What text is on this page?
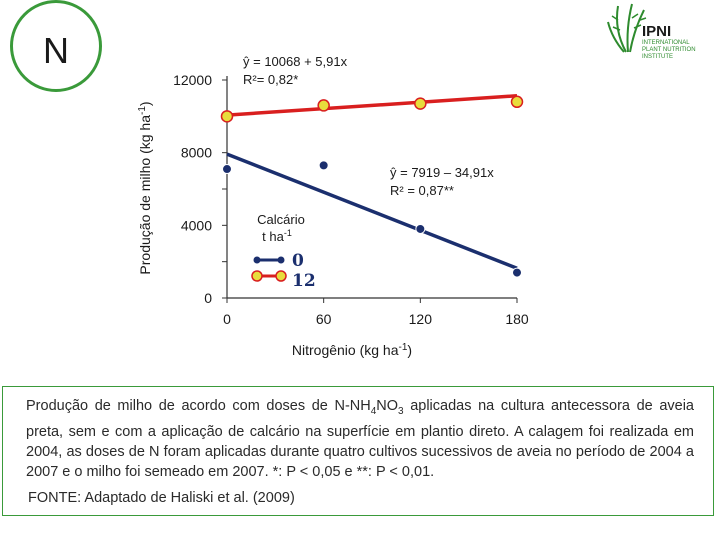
N	IPNI
INTERNATIONAL
PLANT NUTRITION
INSTITUTE
Produção de milho (kg $ha^{-1}$)
0
4000
8000
12000
0	60	120	180
ŷ = 10068 + 5,91x
R²= 0,82*
ŷ = 7919 – 34,91x
R² = 0,87**
Calcário
t $ha^{-1}$
0
12
Nitrogênio (kg $ha^{-1}$)
Produção de milho de acordo com doses de $N-NH_4NO_3$ aplicadas na cultura antecessora de aveia preta, sem e com a aplicação de calcário na superfície em plantio direto. A calagem foi realizada em 2004, as doses de N foram aplicadas durante quatro cultivos sucessivos de aveia no período de 2004 a 2007 e o milho foi semeado em 2007. *: P < 0,05 e **: P < 0,01.
FONTE: Adaptado de Haliski et al. (2009)
